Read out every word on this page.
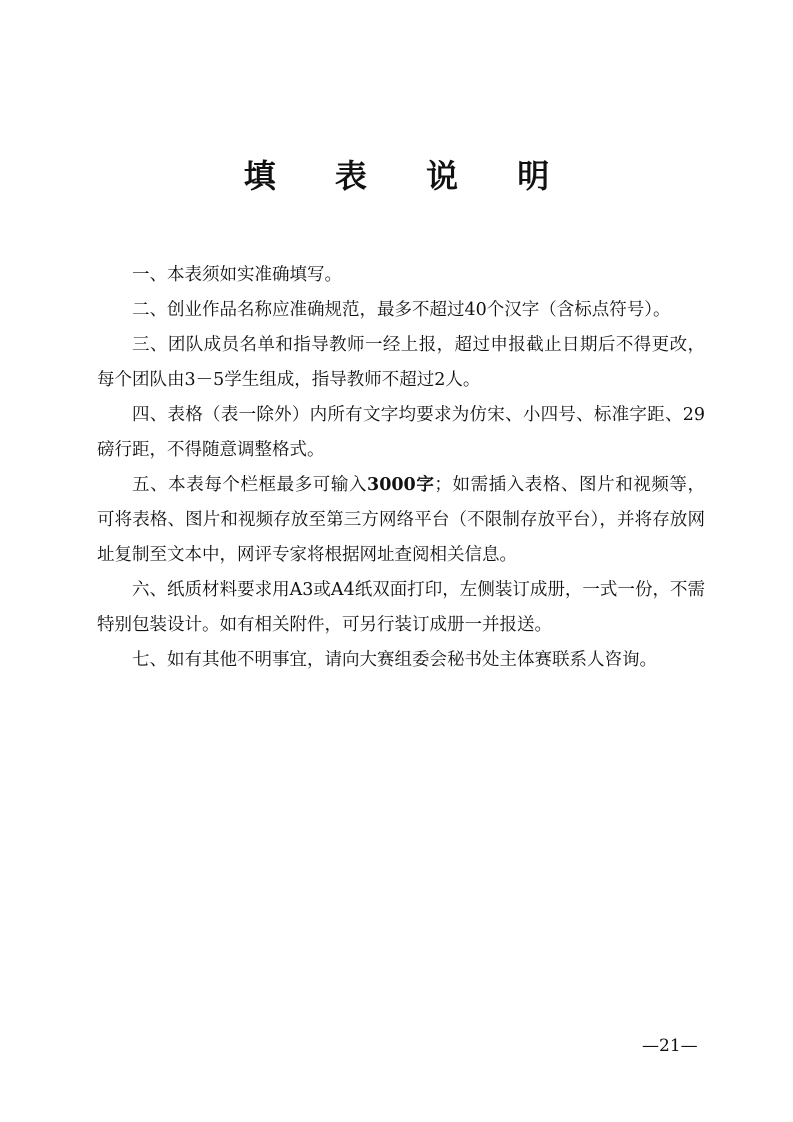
填 表 说 明

一、本表须如实准确填写。

二、创业作品名称应准确规范，最多不超过40个汉字（含标点符号）。

三、团队成员名单和指导教师一经上报，超过申报截止日期后不得更改，每个团队由3－5学生组成，指导教师不超过2人。

四、表格（表一除外）内所有文字均要求为仿宋、小四号、标准字距、29磅行距，不得随意调整格式。

五、本表每个栏框最多可输入3000字；如需插入表格、图片和视频等，可将表格、图片和视频存放至第三方网络平台（不限制存放平台），并将存放网址复制至文本中，网评专家将根据网址查阅相关信息。

六、纸质材料要求用A3或A4纸双面打印，左侧装订成册，一式一份，不需特别包装设计。如有相关附件，可另行装订成册一并报送。

七、如有其他不明事宜，请向大赛组委会秘书处主体赛联系人咨询。

—21—
